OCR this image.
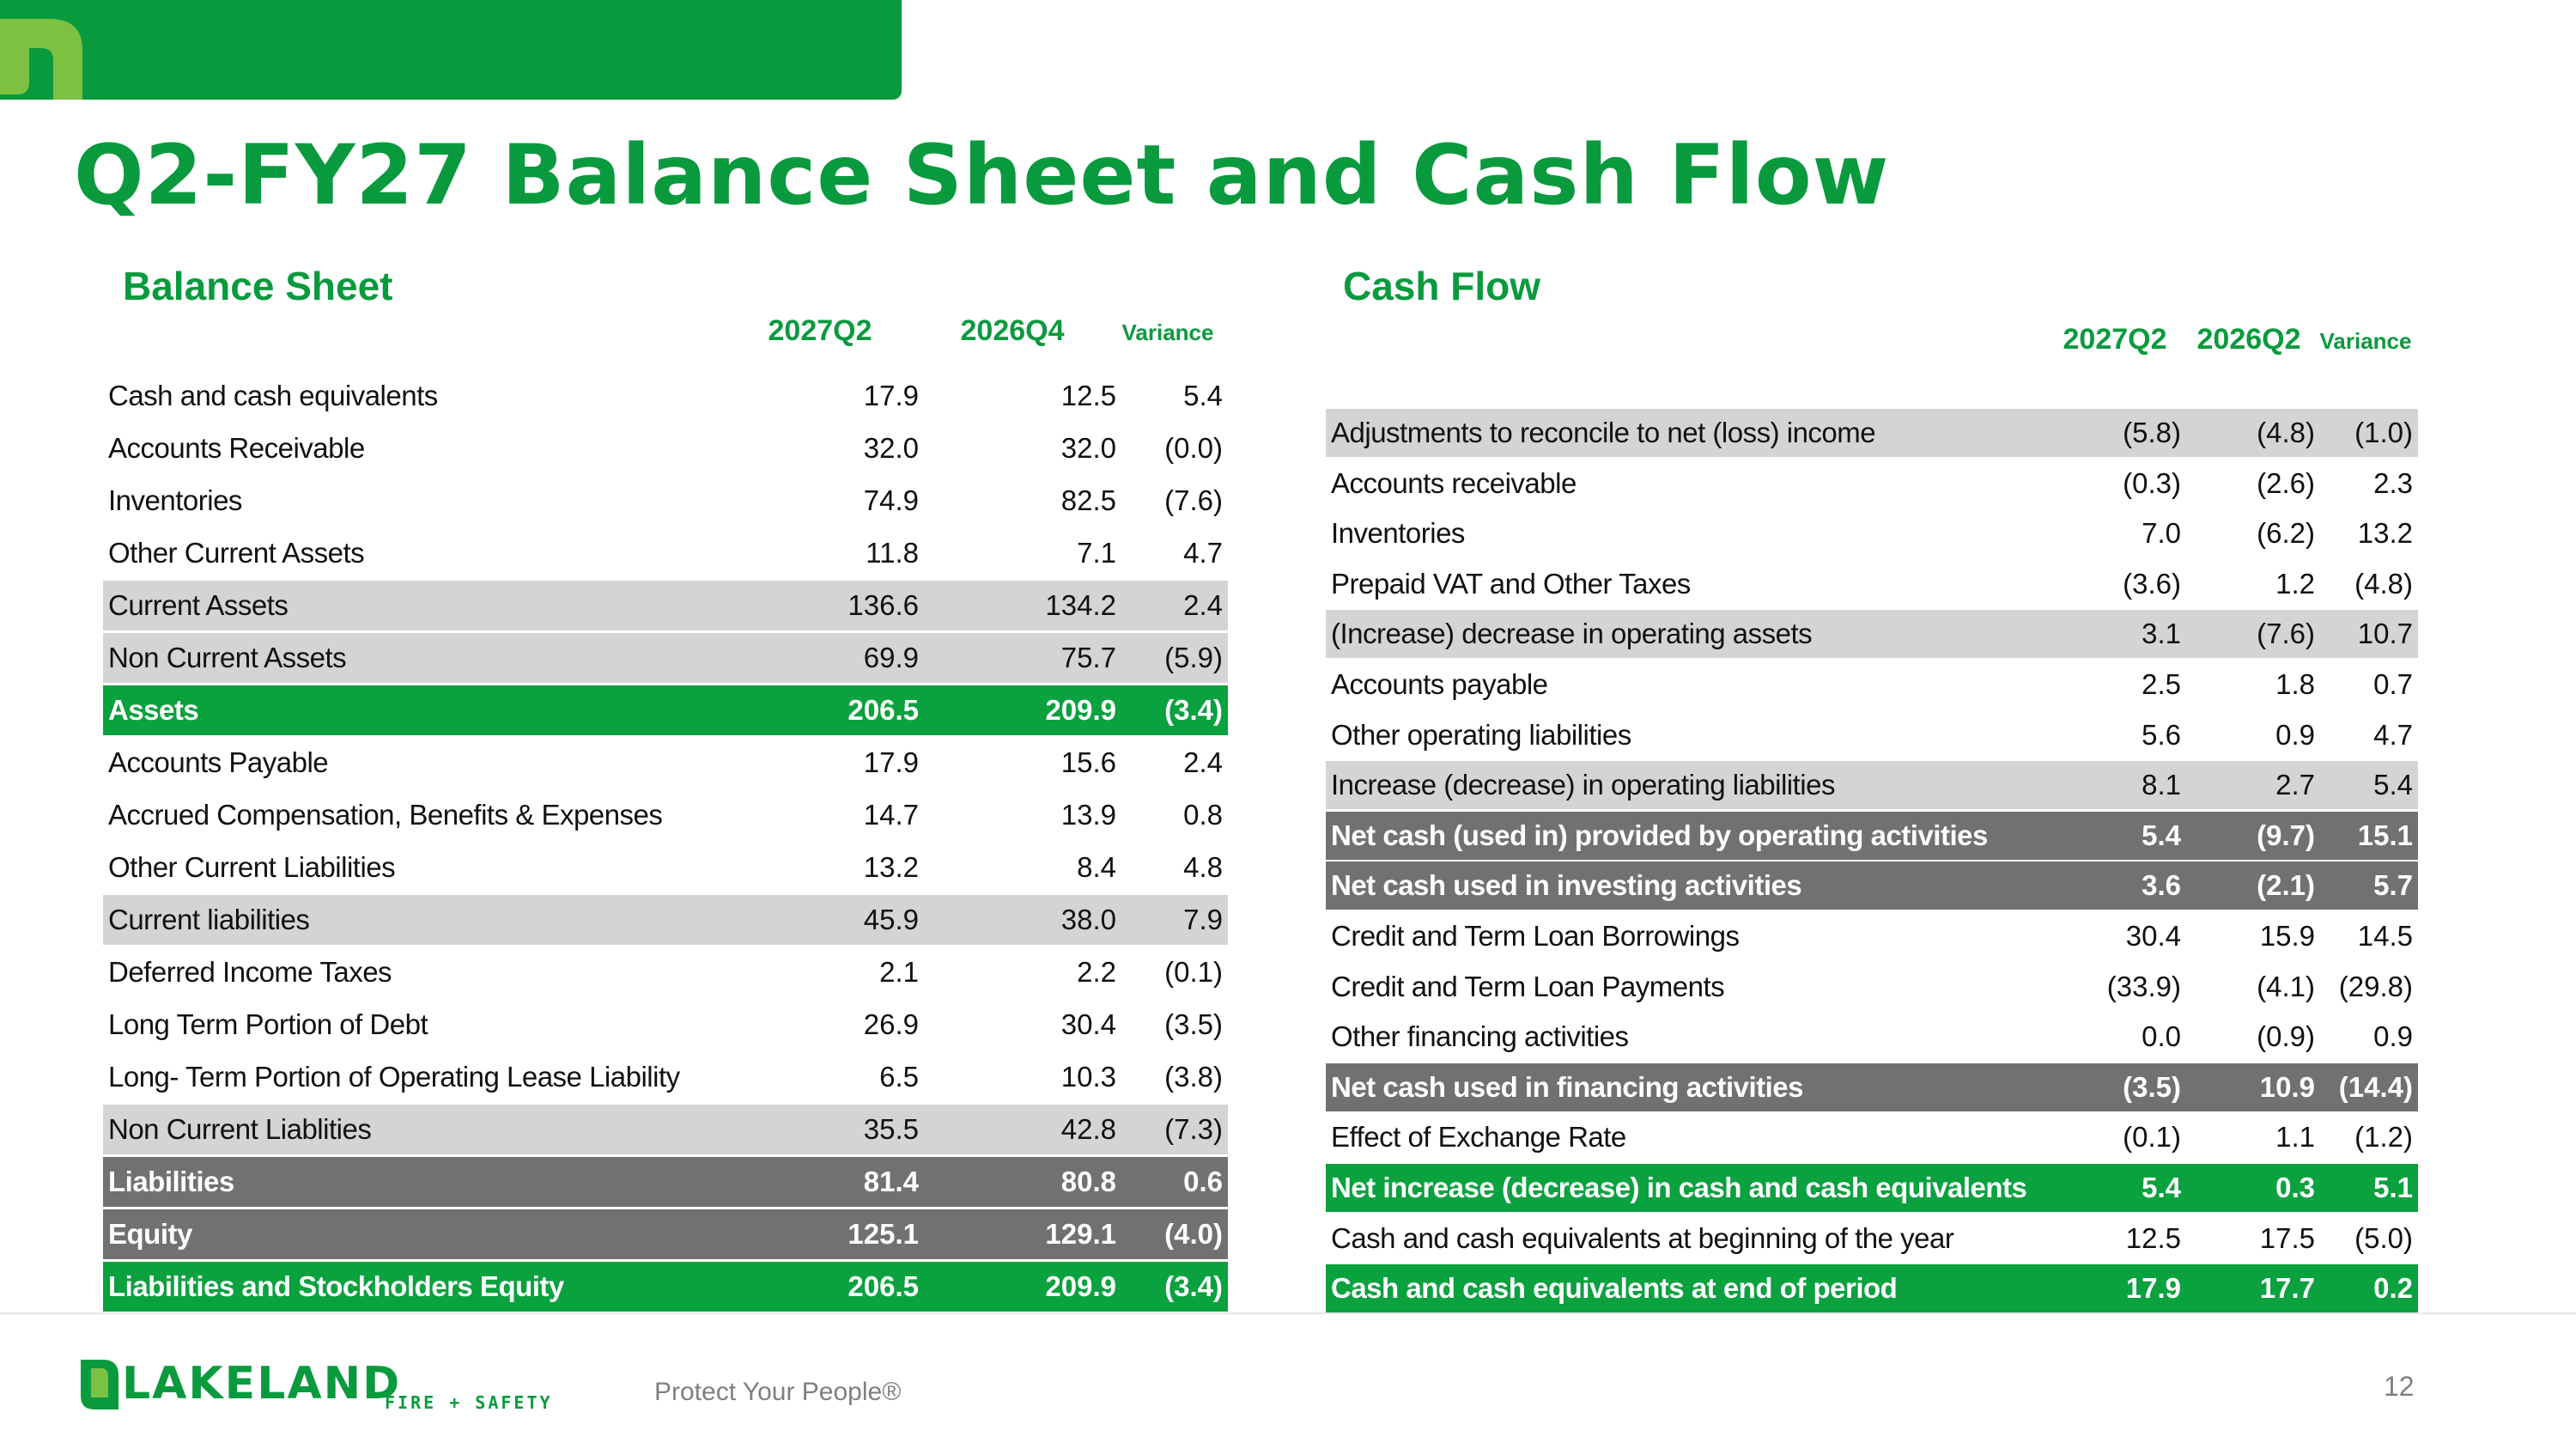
Q2-FY27 Balance Sheet and Cash Flow
Balance Sheet
2027Q2	2026Q4	Variance
Cash and cash equivalents	17.9	12.5 5.4
Accounts Receivable	32.0	32.0 (0.0)
Inventories	74.9	82.5 (7.6)
Other Current Assets	11.8	7.1 4.7
Current Assets	136.6	134.2 2.4
Non Current Assets	69.9	75.7 (5.9)
Assets	206.5	209.9 (3.4)
Accounts Payable	17.9	15.6 2.4
Accrued Compensation, Benefits & Expenses	14.7	13.9 0.8
Other Current Liabilities	13.2	8.4 4.8
Current liabilities	45.9	38.0 7.9
Deferred Income Taxes	2.1	2.2 (0.1)
Long Term Portion of Debt	26.9	30.4 (3.5)
Long- Term Portion of Operating Lease Liability	6.5	10.3 (3.8)
Non Current Liablities	35.5	42.8 (7.3)
Liabilities	81.4	80.8 0.6
Equity	125.1	129.1 (4.0)
Liabilities and Stockholders Equity	206.5	209.9 (3.4)
Cash Flow
2027Q2	2026Q2 Variance
Adjustments to reconcile to net (loss) income	(5.8)	(4.8) (1.0)
Accounts receivable	(0.3)	(2.6) 2.3
Inventories	7.0	(6.2) 13.2
Prepaid VAT and Other Taxes	(3.6)	1.2 (4.8)
(Increase) decrease in operating assets	3.1	(7.6) 10.7
Accounts payable	2.5	1.8 0.7
Other operating liabilities	5.6	0.9 4.7
Increase (decrease) in operating liabilities	8.1	2.7 5.4
Net cash (used in) provided by operating activities	5.4	(9.7) 15.1
Net cash used in investing activities	3.6	(2.1) 5.7
Credit and Term Loan Borrowings	30.4	15.9 14.5
Credit and Term Loan Payments	(33.9)	(4.1) (29.8)
Other financing activities	0.0	(0.9) 0.9
Net cash used in financing activities	(3.5)	10.9 (14.4)
Effect of Exchange Rate	(0.1)	1.1 (1.2)
Net increase (decrease) in cash and cash equivalents	5.4	0.3 5.1
Cash and cash equivalents at beginning of the year	12.5	17.5 (5.0)
Cash and cash equivalents at end of period	17.9	17.7 0.2

LAKELAND

FIRE + SAFETY	Protect Your People®	12
